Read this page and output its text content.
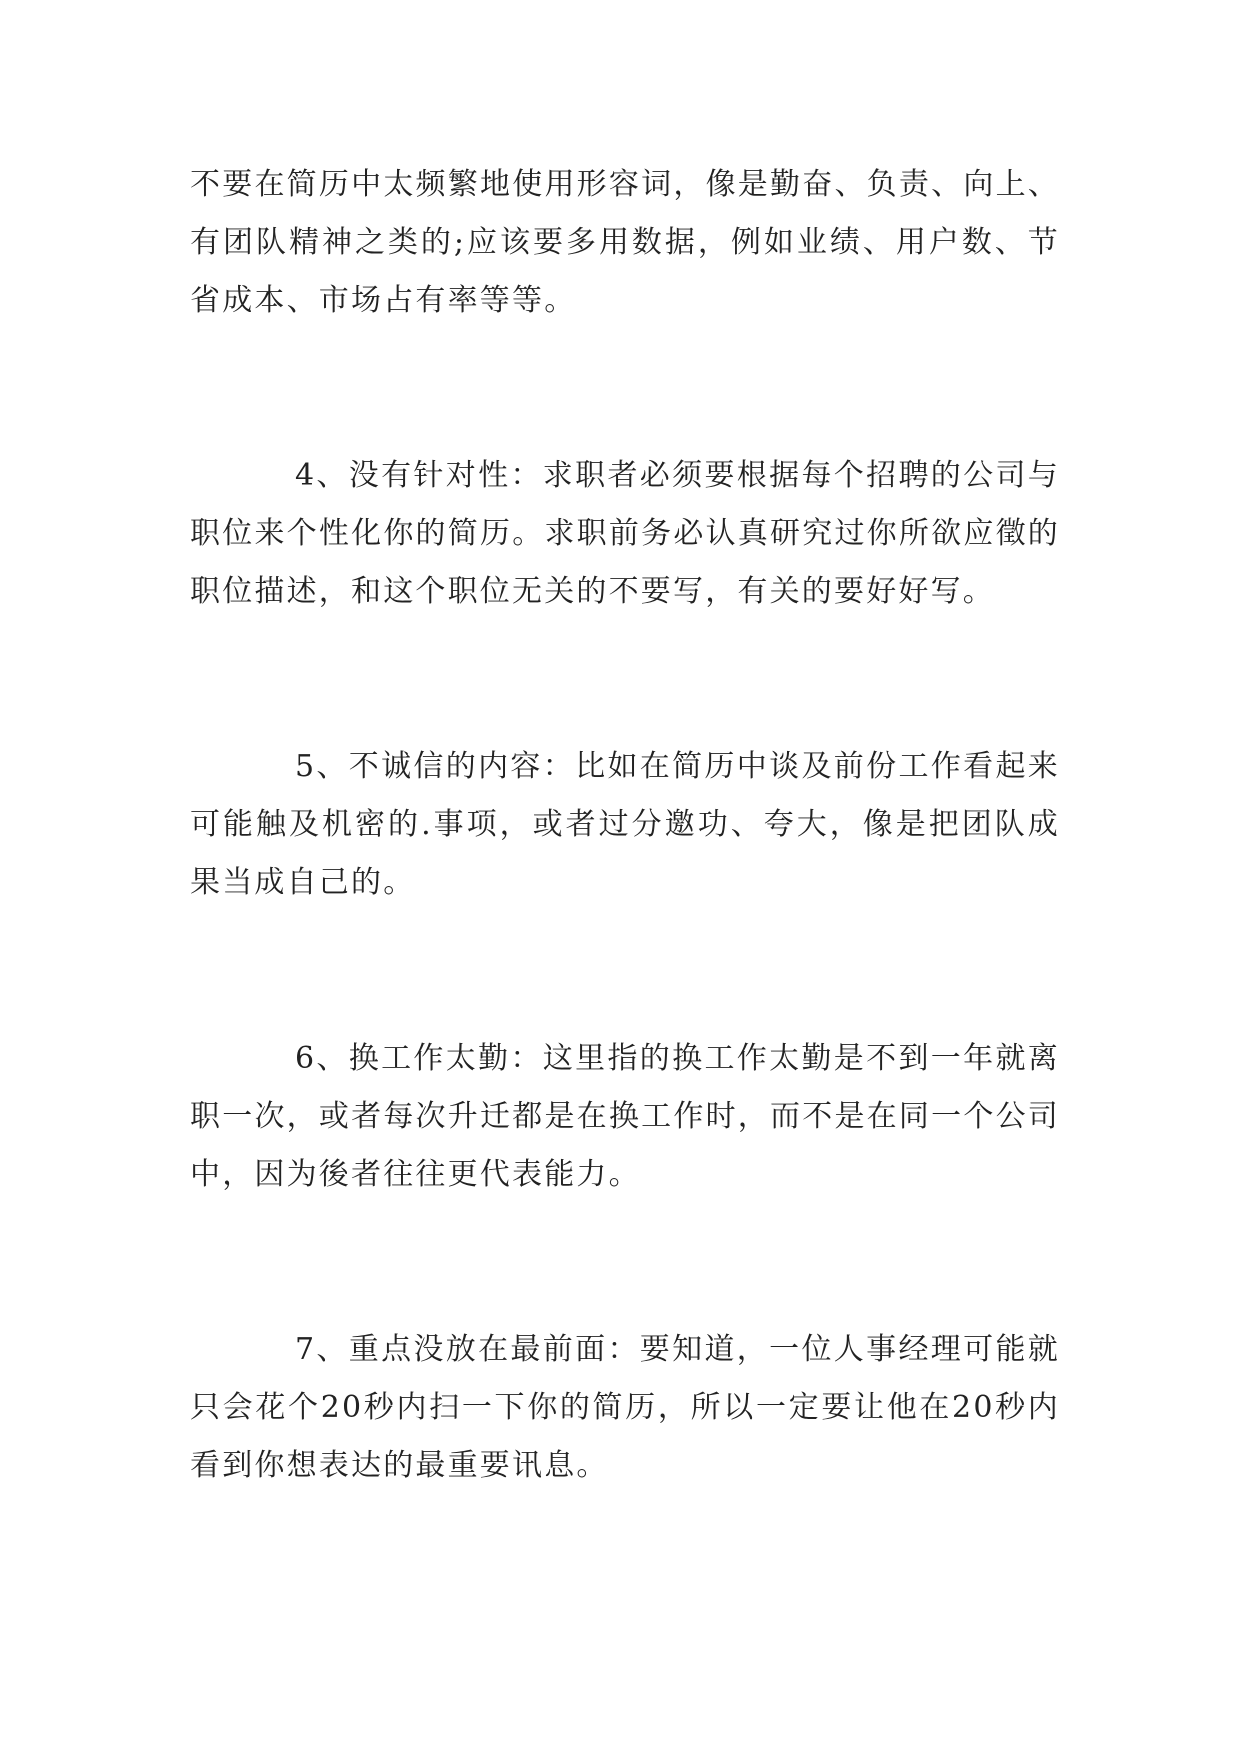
不要在简历中太频繁地使用形容词，像是勤奋、负责、向上、有团队精神之类的;应该要多用数据，例如业绩、用户数、节省成本、市场占有率等等。

4、没有针对性：求职者必须要根据每个招聘的公司与职位来个性化你的简历。求职前务必认真研究过你所欲应徵的职位描述，和这个职位无关的不要写，有关的要好好写。

5、不诚信的内容：比如在简历中谈及前份工作看起来可能触及机密的.事项，或者过分邀功、夸大，像是把团队成果当成自己的。

6、换工作太勤：这里指的换工作太勤是不到一年就离职一次，或者每次升迁都是在换工作时，而不是在同一个公司中，因为後者往往更代表能力。

7、重点没放在最前面：要知道，一位人事经理可能就只会花个20秒内扫一下你的简历，所以一定要让他在20秒内看到你想表达的最重要讯息。
